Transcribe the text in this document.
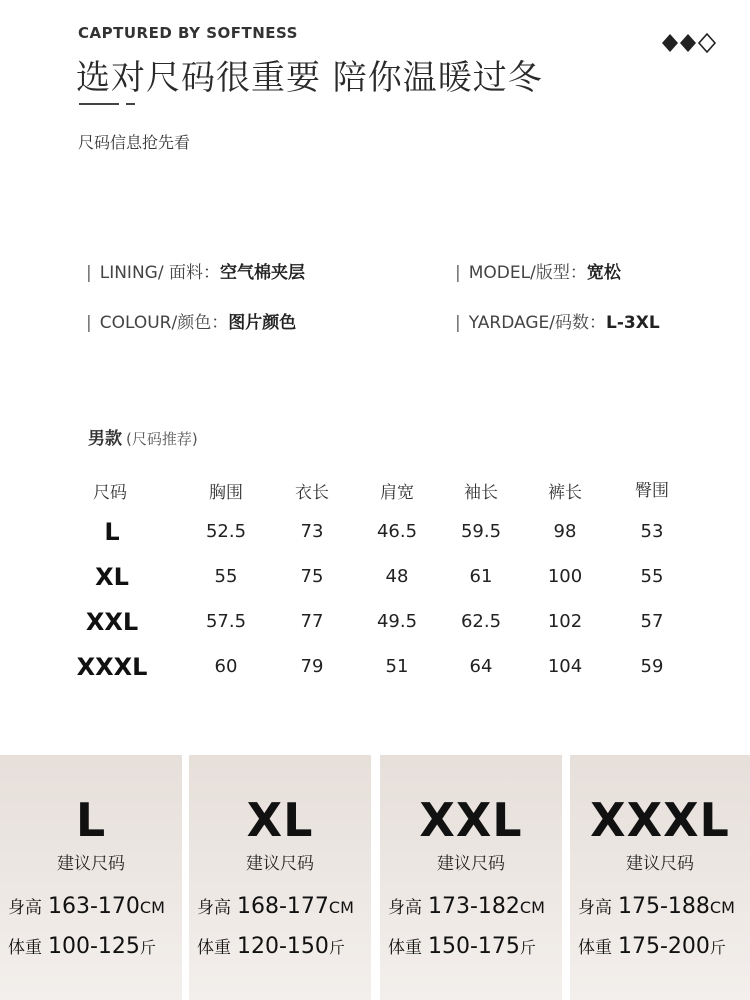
CAPTURED BY SOFTNESS
选对尺码很重要 陪你温暖过冬
尺码信息抢先看
| LINING/ 面料：空气棉夹层	| MODEL/版型：宽松
| COLOUR/颜色：图片颜色	| YARDAGE/码数：L-3XL
男款 (尺码推荐)
尺码	胸围	衣长	肩宽	袖长	裤长	臀围
L	52.5	73	46.5	59.5	98	53
XL	55	75	48	61	100	55
XXL	57.5	77	49.5	62.5	102	57
XXXL	60	79	51	64	104	59
L
建议尺码
身高 163-170CM
体重 100-125斤
XL
建议尺码
身高 168-177CM
体重 120-150斤
XXL
建议尺码
身高 173-182CM
体重 150-175斤
XXXL
建议尺码
身高 175-188CM
体重 175-200斤
